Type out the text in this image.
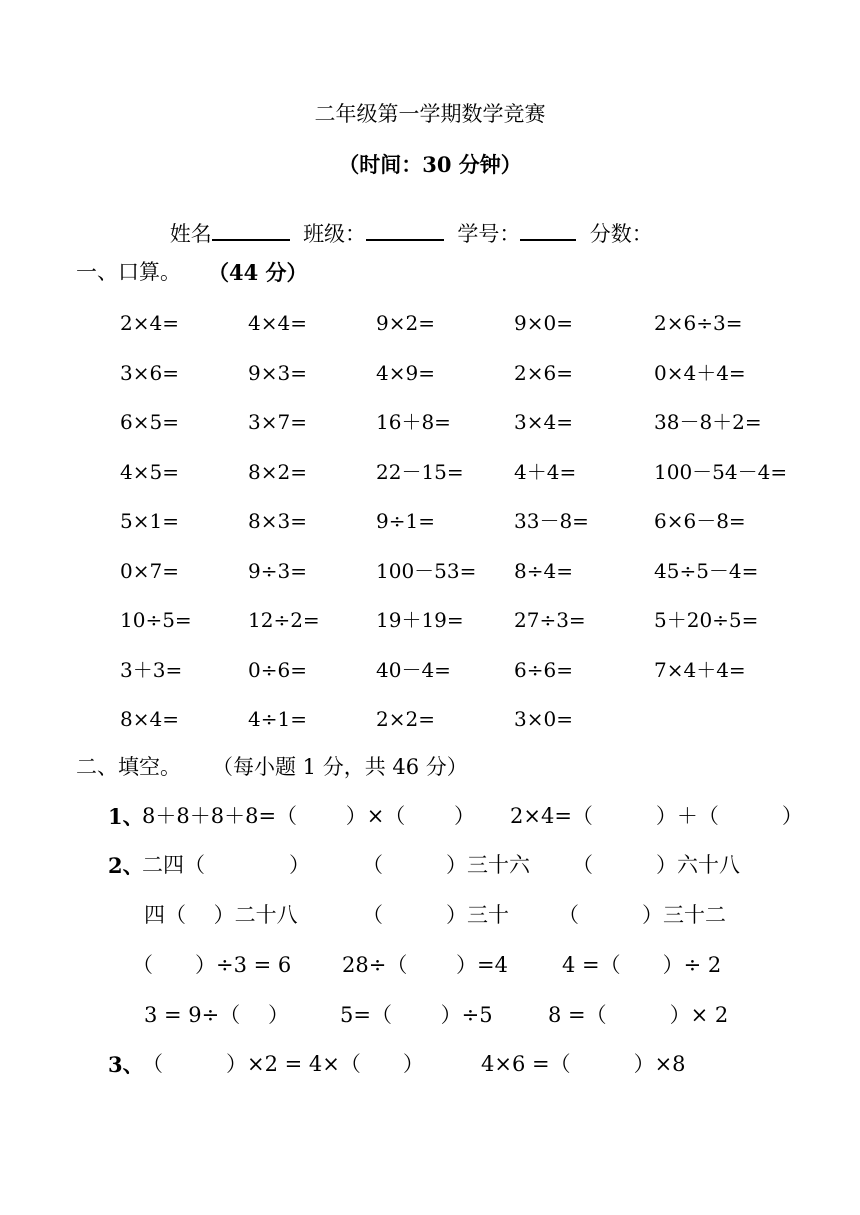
二年级第一学期数学竞赛
（时间：30 分钟）

姓名	班级：	学号：	分数：

一、口算。 （44 分）
2×4=	4×4=	9×2=	9×0=	2×6÷3=
3×6=	9×3=	4×9=	2×6=	0×4＋4=
6×5=	3×7=	16＋8=	3×4=	38－8＋2=
4×5=	8×2=	22－15=	4＋4=	100－54－4=
5×1=	8×3=	9÷1=	33－8=	6×6－8=
0×7=	9÷3=	100－53= 8÷4=	45÷5－4=
10÷5=	12÷2=	19＋19=	27÷3=	5＋20÷5=
3＋3=	0÷6=	40－4=	6÷6=	7×4＋4=
8×4=	4÷1=	2×2=	3×0=
二、填空。 （每小题 1 分，共 46 分）
1、
8＋8＋8＋8=（　　 ）×（　　 ） 2×4=（　　　）＋（　　　）
2、
二四（　　　　） （　　　）三十六 （　　　）六十八
四（　 ）二十八	（　　　）三十 （　　　）三十二
（　　）÷3 = 6 28÷（　　 ）=4	4 =（　　）÷ 2
3 = 9÷（　 ） 5=（　　 ）÷5	8 =（　　　）× 2
3、
（　　　）×2 = 4×（　　）	4×6 =（　　　）×8
